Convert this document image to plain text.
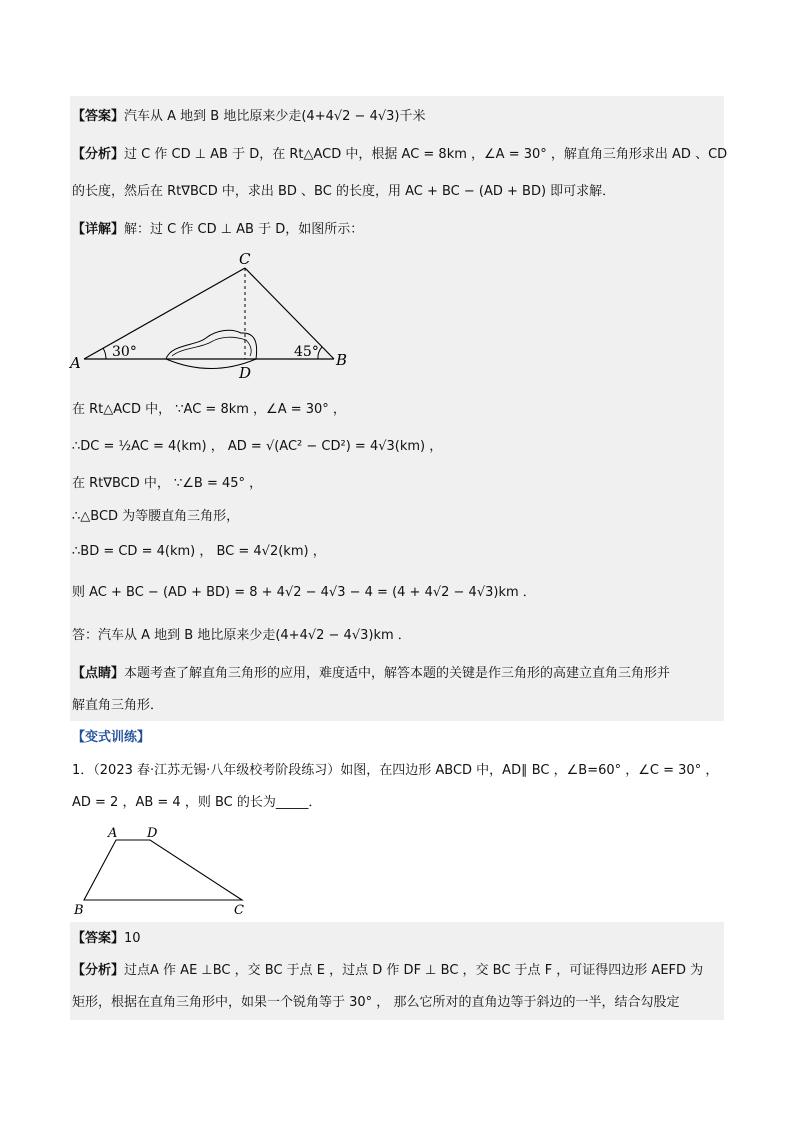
【答案】汽车从 A 地到 B 地比原来少走(4+4√2 − 4√3)千米
【分析】过 C 作 CD ⊥ AB 于 D，在 Rt△ACD 中，根据 AC = 8km ，∠A = 30° ，解直角三角形求出 AD 、CD
的长度，然后在 Rt∇BCD 中，求出 BD 、BC 的长度，用 AC + BC − (AD + BD) 即可求解．
【详解】解：过 C 作 CD ⊥ AB 于 D，如图所示：
A	B
C
D
30°	45°
在 Rt△ACD 中， ∵AC = 8km ，∠A = 30° ，
∴DC = ½AC = 4(km) ， AD = √(AC² − CD²) = 4√3(km) ，
在 Rt∇BCD 中， ∵∠B = 45° ，
∴△BCD 为等腰直角三角形，
∴BD = CD = 4(km) ， BC = 4√2(km) ，
则 AC + BC − (AD + BD) = 8 + 4√2 − 4√3 − 4 = (4 + 4√2 − 4√3)km ．
答：汽车从 A 地到 B 地比原来少走(4+4√2 − 4√3)km ．
【点睛】本题考查了解直角三角形的应用，难度适中，解答本题的关键是作三角形的高建立直角三角形并
解直角三角形．
【变式训练】
1．（2023 春·江苏无锡·八年级校考阶段练习）如图，在四边形 ABCD 中，AD∥ BC ，∠B=60° ，∠C = 30° ，
AD = 2 ，AB = 4 ，则 BC 的长为_____．
A D
B	C
【答案】10
【分析】过点A 作 AE ⊥BC ，交 BC 于点 E ，过点 D 作 DF ⊥ BC ，交 BC 于点 F ，可证得四边形 AEFD 为
矩形，根据在直角三角形中，如果一个锐角等于 30° ， 那么它所对的直角边等于斜边的一半，结合勾股定
